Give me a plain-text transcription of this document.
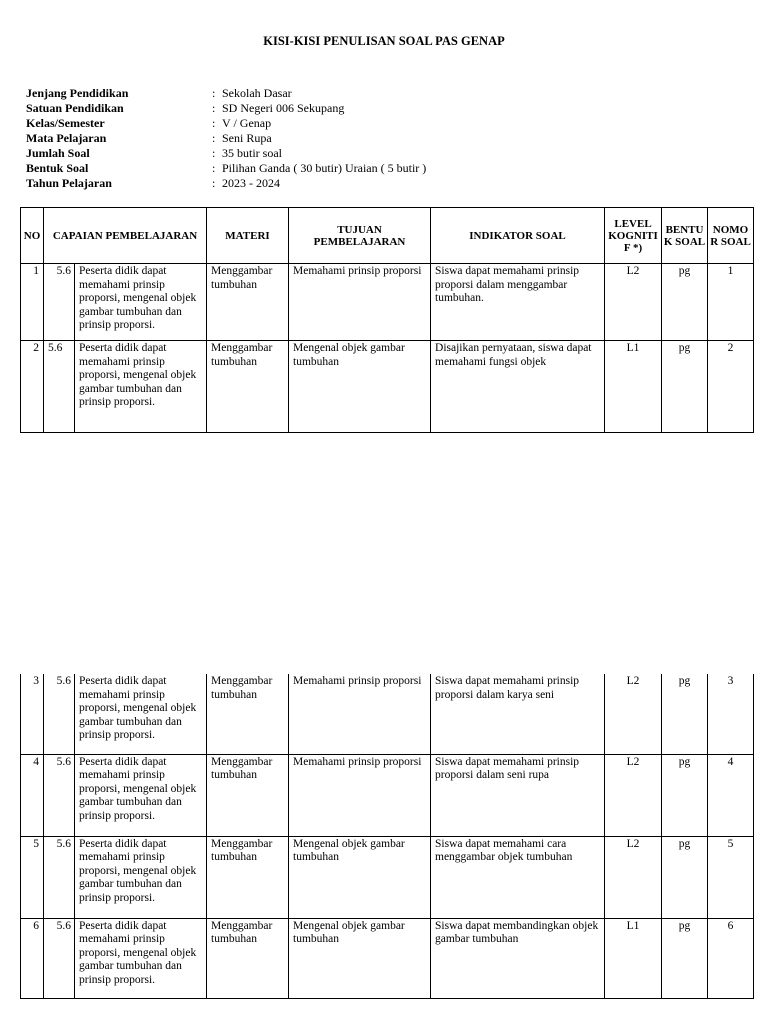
KISI-KISI PENULISAN SOAL PAS GENAP
Jenjang Pendidikan	: Sekolah Dasar
Satuan Pendidikan	: SD Negeri 006 Sekupang
Kelas/Semester	: V / Genap
Mata Pelajaran	: Seni Rupa
Jumlah Soal	: 35 butir soal
Bentuk Soal	: Pilihan Ganda ( 30 butir) Uraian ( 5 butir )
Tahun Pelajaran	: 2023 - 2024
NO	CAPAIAN PEMBELAJARAN		MATERI	TUJUAN PEMBELAJARAN	INDIKATOR SOAL	LEVEL KOGNITI F *)	BENTUK SOAL	NOMOR SOAL
1	5.6	Peserta didik dapat memahami prinsip proporsi, mengenal objek gambar tumbuhan dan prinsip proporsi.	Menggambar tumbuhan	Memahami prinsip proporsi	Siswa dapat memahami prinsip proporsi dalam menggambar tumbuhan.	L2	pg	1
2	5.6	Peserta didik dapat memahami prinsip proporsi, mengenal objek gambar tumbuhan dan prinsip proporsi.	Menggambar tumbuhan	Mengenal objek gambar tumbuhan	Disajikan pernyataan, siswa dapat memahami fungsi objek	L1	pg	2
3	5.6	Peserta didik dapat memahami prinsip proporsi, mengenal objek gambar tumbuhan dan prinsip proporsi.	Menggambar tumbuhan	Memahami prinsip proporsi	Siswa dapat memahami prinsip proporsi dalam karya seni	L2	pg	3
4	5.6	Peserta didik dapat memahami prinsip proporsi, mengenal objek gambar tumbuhan dan prinsip proporsi.	Menggambar tumbuhan	Memahami prinsip proporsi	Siswa dapat memahami prinsip proporsi dalam seni rupa	L2	pg	4
5	5.6	Peserta didik dapat memahami prinsip proporsi, mengenal objek gambar tumbuhan dan prinsip proporsi.	Menggambar tumbuhan	Mengenal objek gambar tumbuhan	Siswa dapat memahami cara menggambar objek tumbuhan	L2	pg	5
6	5.6	Peserta didik dapat memahami prinsip proporsi, mengenal objek gambar tumbuhan dan prinsip proporsi.	Menggambar tumbuhan	Mengenal objek gambar tumbuhan	Siswa dapat membandingkan objek gambar tumbuhan	L1	pg	6
